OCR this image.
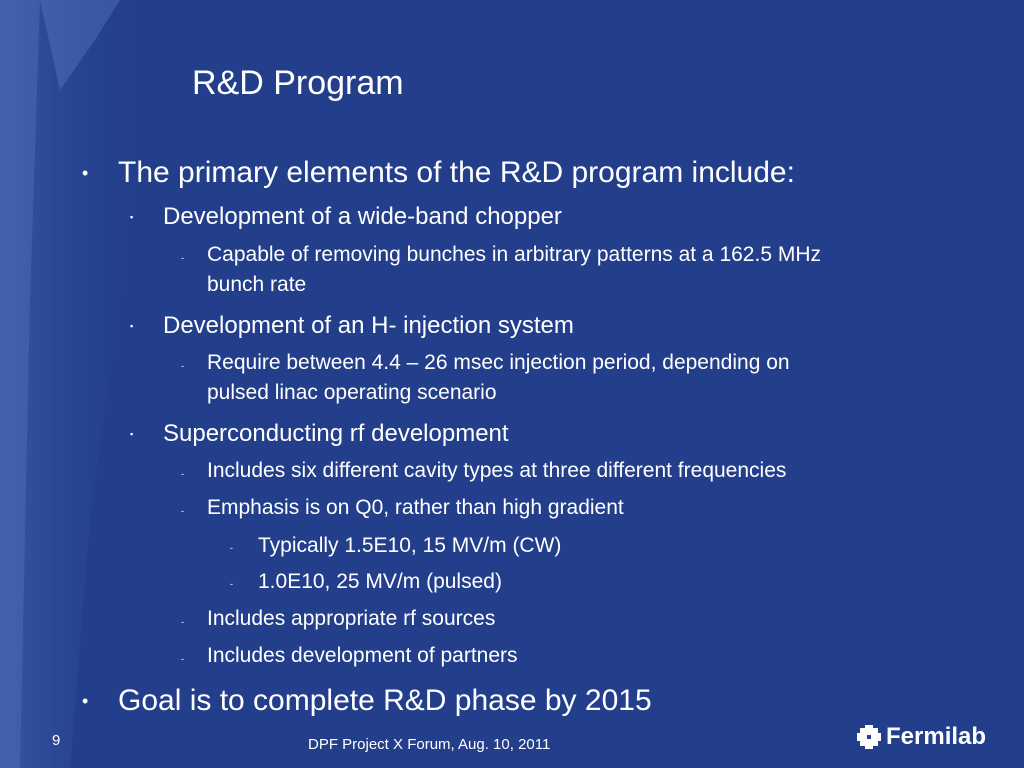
R&D Program
• The primary elements of the R&D program include:
▪ Development of a wide-band chopper
- Capable of removing bunches in arbitrary patterns at a 162.5 MHz
bunch rate
▪ Development of an H- injection system
- Require between 4.4 – 26 msec injection period, depending on
pulsed linac operating scenario
▪ Superconducting rf development
- Includes six different cavity types at three different frequencies
- Emphasis is on Q0, rather than high gradient
- Typically 1.5E10, 15 MV/m (CW)
- 1.0E10, 25 MV/m (pulsed)
- Includes appropriate rf sources
- Includes development of partners
• Goal is to complete R&D phase by 2015
9	DPF Project X Forum, Aug. 10, 2011	Fermilab
